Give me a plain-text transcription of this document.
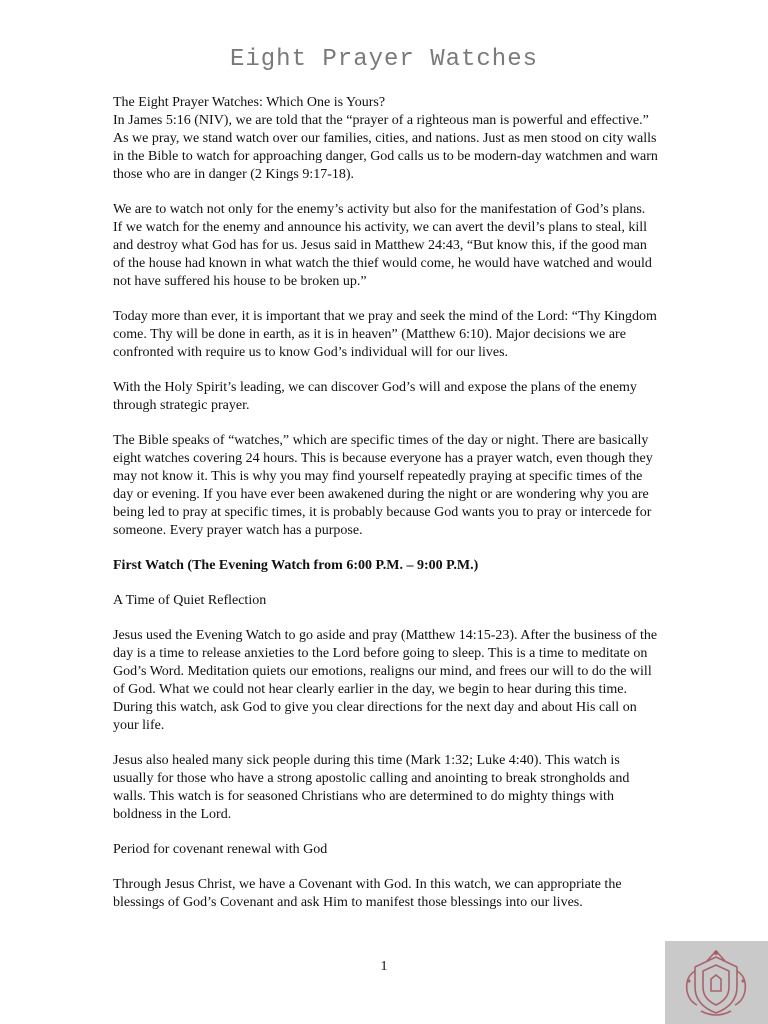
Eight Prayer Watches

The Eight Prayer Watches: Which One is Yours?

In James 5:16 (NIV), we are told that the “prayer of a righteous man is powerful and effective.” As we pray, we stand watch over our families, cities, and nations. Just as men stood on city walls in the Bible to watch for approaching danger, God calls us to be modern-day watchmen and warn those who are in danger (2 Kings 9:17-18).

We are to watch not only for the enemy’s activity but also for the manifestation of God’s plans. If we watch for the enemy and announce his activity, we can avert the devil’s plans to steal, kill and destroy what God has for us. Jesus said in Matthew 24:43, “But know this, if the good man of the house had known in what watch the thief would come, he would have watched and would not have suffered his house to be broken up.”

Today more than ever, it is important that we pray and seek the mind of the Lord: “Thy Kingdom come. Thy will be done in earth, as it is in heaven” (Matthew 6:10). Major decisions we are confronted with require us to know God’s individual will for our lives.

With the Holy Spirit’s leading, we can discover God’s will and expose the plans of the enemy through strategic prayer.

The Bible speaks of “watches,” which are specific times of the day or night. There are basically eight watches covering 24 hours. This is because everyone has a prayer watch, even though they may not know it. This is why you may find yourself repeatedly praying at specific times of the day or evening. If you have ever been awakened during the night or are wondering why you are being led to pray at specific times, it is probably because God wants you to pray or intercede for someone. Every prayer watch has a purpose.

First Watch (The Evening Watch from 6:00 P.M. – 9:00 P.M.)

A Time of Quiet Reflection

Jesus used the Evening Watch to go aside and pray (Matthew 14:15-23). After the business of the day is a time to release anxieties to the Lord before going to sleep. This is a time to meditate on God’s Word. Meditation quiets our emotions, realigns our mind, and frees our will to do the will of God. What we could not hear clearly earlier in the day, we begin to hear during this time. During this watch, ask God to give you clear directions for the next day and about His call on your life.

Jesus also healed many sick people during this time (Mark 1:32; Luke 4:40). This watch is usually for those who have a strong apostolic calling and anointing to break strongholds and walls. This watch is for seasoned Christians who are determined to do mighty things with boldness in the Lord.

Period for covenant renewal with God

Through Jesus Christ, we have a Covenant with God. In this watch, we can appropriate the blessings of God’s Covenant and ask Him to manifest those blessings into our lives.

1
